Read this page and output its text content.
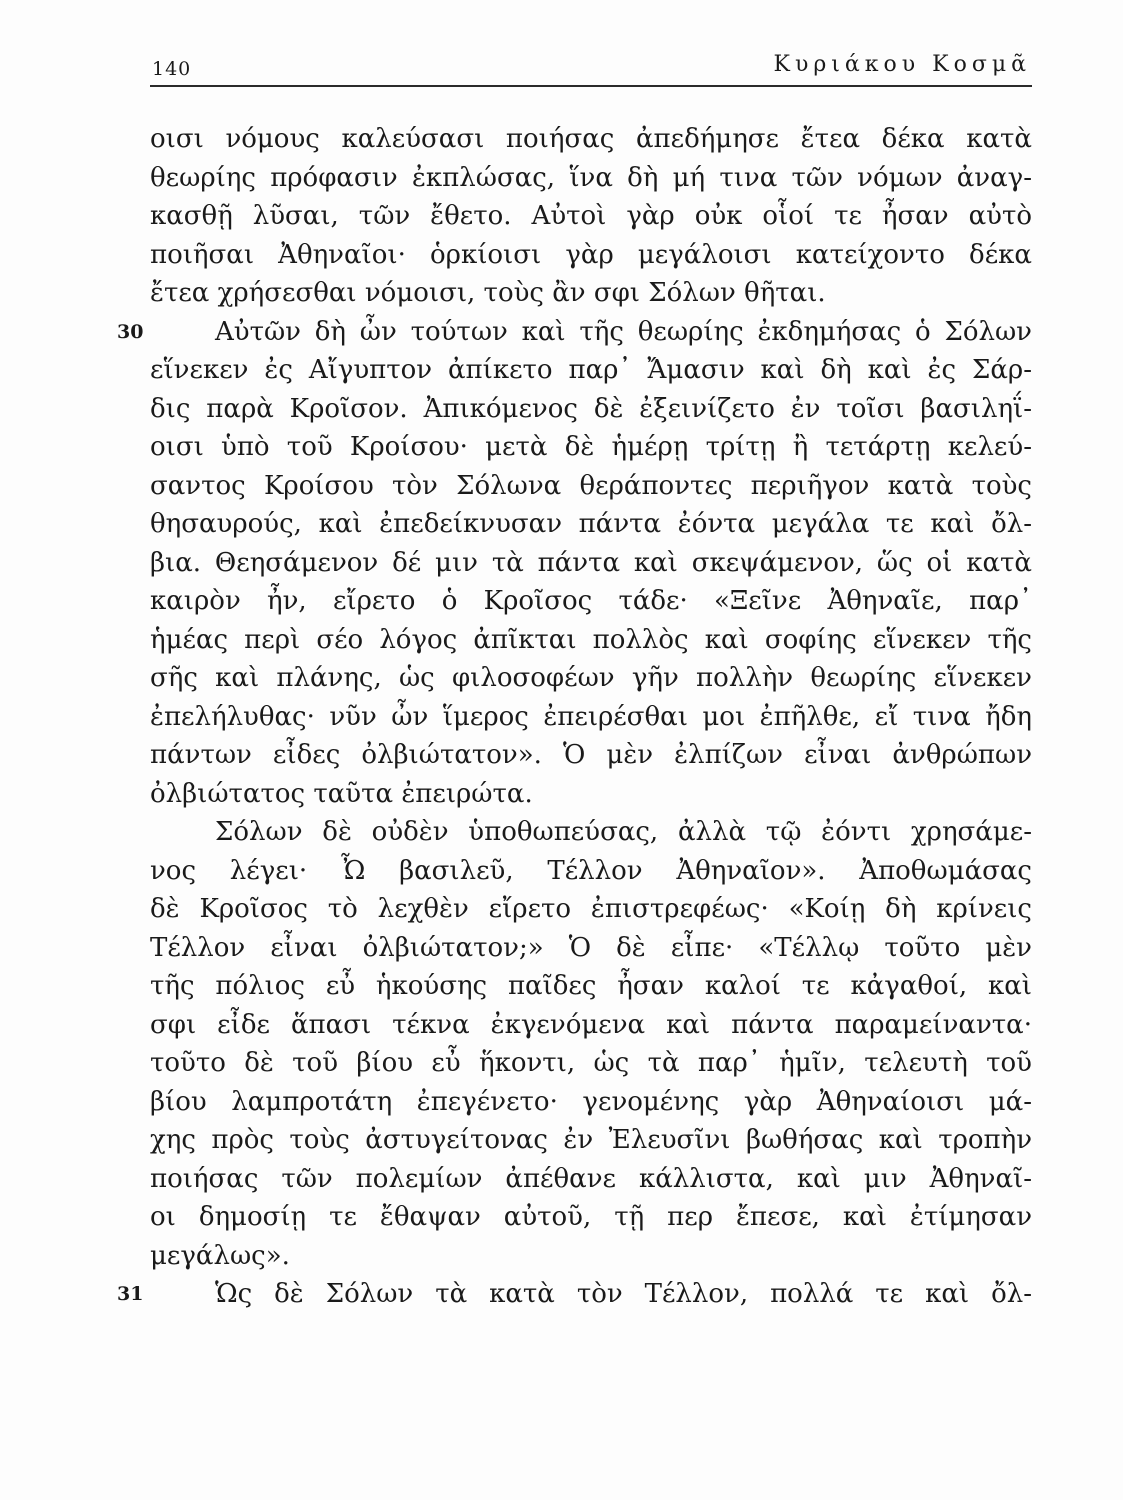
140	Κυριάκου Κοσμᾶ
οισι νόμους καλεύσασι ποιήσας ἀπεδήμησε ἔτεα δέκα κατὰ
θεωρίης πρόφασιν ἐκπλώσας, ἵνα δὴ μή τινα τῶν νόμων ἀναγ-
κασθῇ λῦσαι, τῶν ἔθετο. Αὐτοὶ γὰρ οὐκ οἷοί τε ἦσαν αὐτὸ
ποιῆσαι Ἀθηναῖοι· ὁρκίοισι γὰρ μεγάλοισι κατείχοντο δέκα
ἔτεα χρήσεσθαι νόμοισι, τοὺς ἂν σφι Σόλων θῆται.
30	Αὐτῶν δὴ ὦν τούτων καὶ τῆς θεωρίης ἐκδημήσας ὁ Σόλων
εἵνεκεν ἐς Αἴγυπτον ἀπίκετο παρ᾽ Ἄμασιν καὶ δὴ καὶ ἐς Σάρ-
δις παρὰ Κροῖσον. Ἀπικόμενος δὲ ἐξεινίζετο ἐν τοῖσι βασιληΐ-
οισι ὑπὸ τοῦ Κροίσου· μετὰ δὲ ἡμέρῃ τρίτῃ ἢ τετάρτῃ κελεύ-
σαντος Κροίσου τὸν Σόλωνα θεράποντες περιῆγον κατὰ τοὺς
θησαυρούς, καὶ ἐπεδείκνυσαν πάντα ἐόντα μεγάλα τε καὶ ὄλ-
βια. Θεησάμενον δέ μιν τὰ πάντα καὶ σκεψάμενον, ὥς οἱ κατὰ
καιρὸν ἦν, εἴρετο ὁ Κροῖσος τάδε· «Ξεῖνε Ἀθηναῖε, παρ᾽
ἡμέας περὶ σέο λόγος ἀπῖκται πολλὸς καὶ σοφίης εἵνεκεν τῆς
σῆς καὶ πλάνης, ὡς φιλοσοφέων γῆν πολλὴν θεωρίης εἵνεκεν
ἐπελήλυθας· νῦν ὦν ἵμερος ἐπειρέσθαι μοι ἐπῆλθε, εἴ τινα ἤδη
πάντων εἶδες ὀλβιώτατον». Ὁ μὲν ἐλπίζων εἶναι ἀνθρώπων
ὀλβιώτατος ταῦτα ἐπειρώτα.
Σόλων δὲ οὐδὲν ὑποθωπεύσας, ἀλλὰ τῷ ἐόντι χρησάμε-
νος λέγει· Ὦ βασιλεῦ, Τέλλον Ἀθηναῖον». Ἀποθωμάσας
δὲ Κροῖσος τὸ λεχθὲν εἴρετο ἐπιστρεφέως· «Κοίῃ δὴ κρίνεις
Τέλλον εἶναι ὀλβιώτατον;» Ὁ δὲ εἶπε· «Τέλλῳ τοῦτο μὲν
τῆς πόλιος εὖ ἡκούσης παῖδες ἦσαν καλοί τε κἀγαθοί, καὶ
σφι εἶδε ἅπασι τέκνα ἐκγενόμενα καὶ πάντα παραμείναντα·
τοῦτο δὲ τοῦ βίου εὖ ἥκοντι, ὡς τὰ παρ᾽ ἡμῖν, τελευτὴ τοῦ
βίου λαμπροτάτη ἐπεγένετο· γενομένης γὰρ Ἀθηναίοισι μά-
χης πρὸς τοὺς ἀστυγείτονας ἐν Ἐλευσῖνι βωθήσας καὶ τροπὴν
ποιήσας τῶν πολεμίων ἀπέθανε κάλλιστα, καὶ μιν Ἀθηναῖ-
οι δημοσίῃ τε ἔθαψαν αὐτοῦ, τῇ περ ἔπεσε, καὶ ἐτίμησαν
μεγάλως».
31	Ὡς δὲ Σόλων τὰ κατὰ τὸν Τέλλον, πολλά τε καὶ ὄλ-
